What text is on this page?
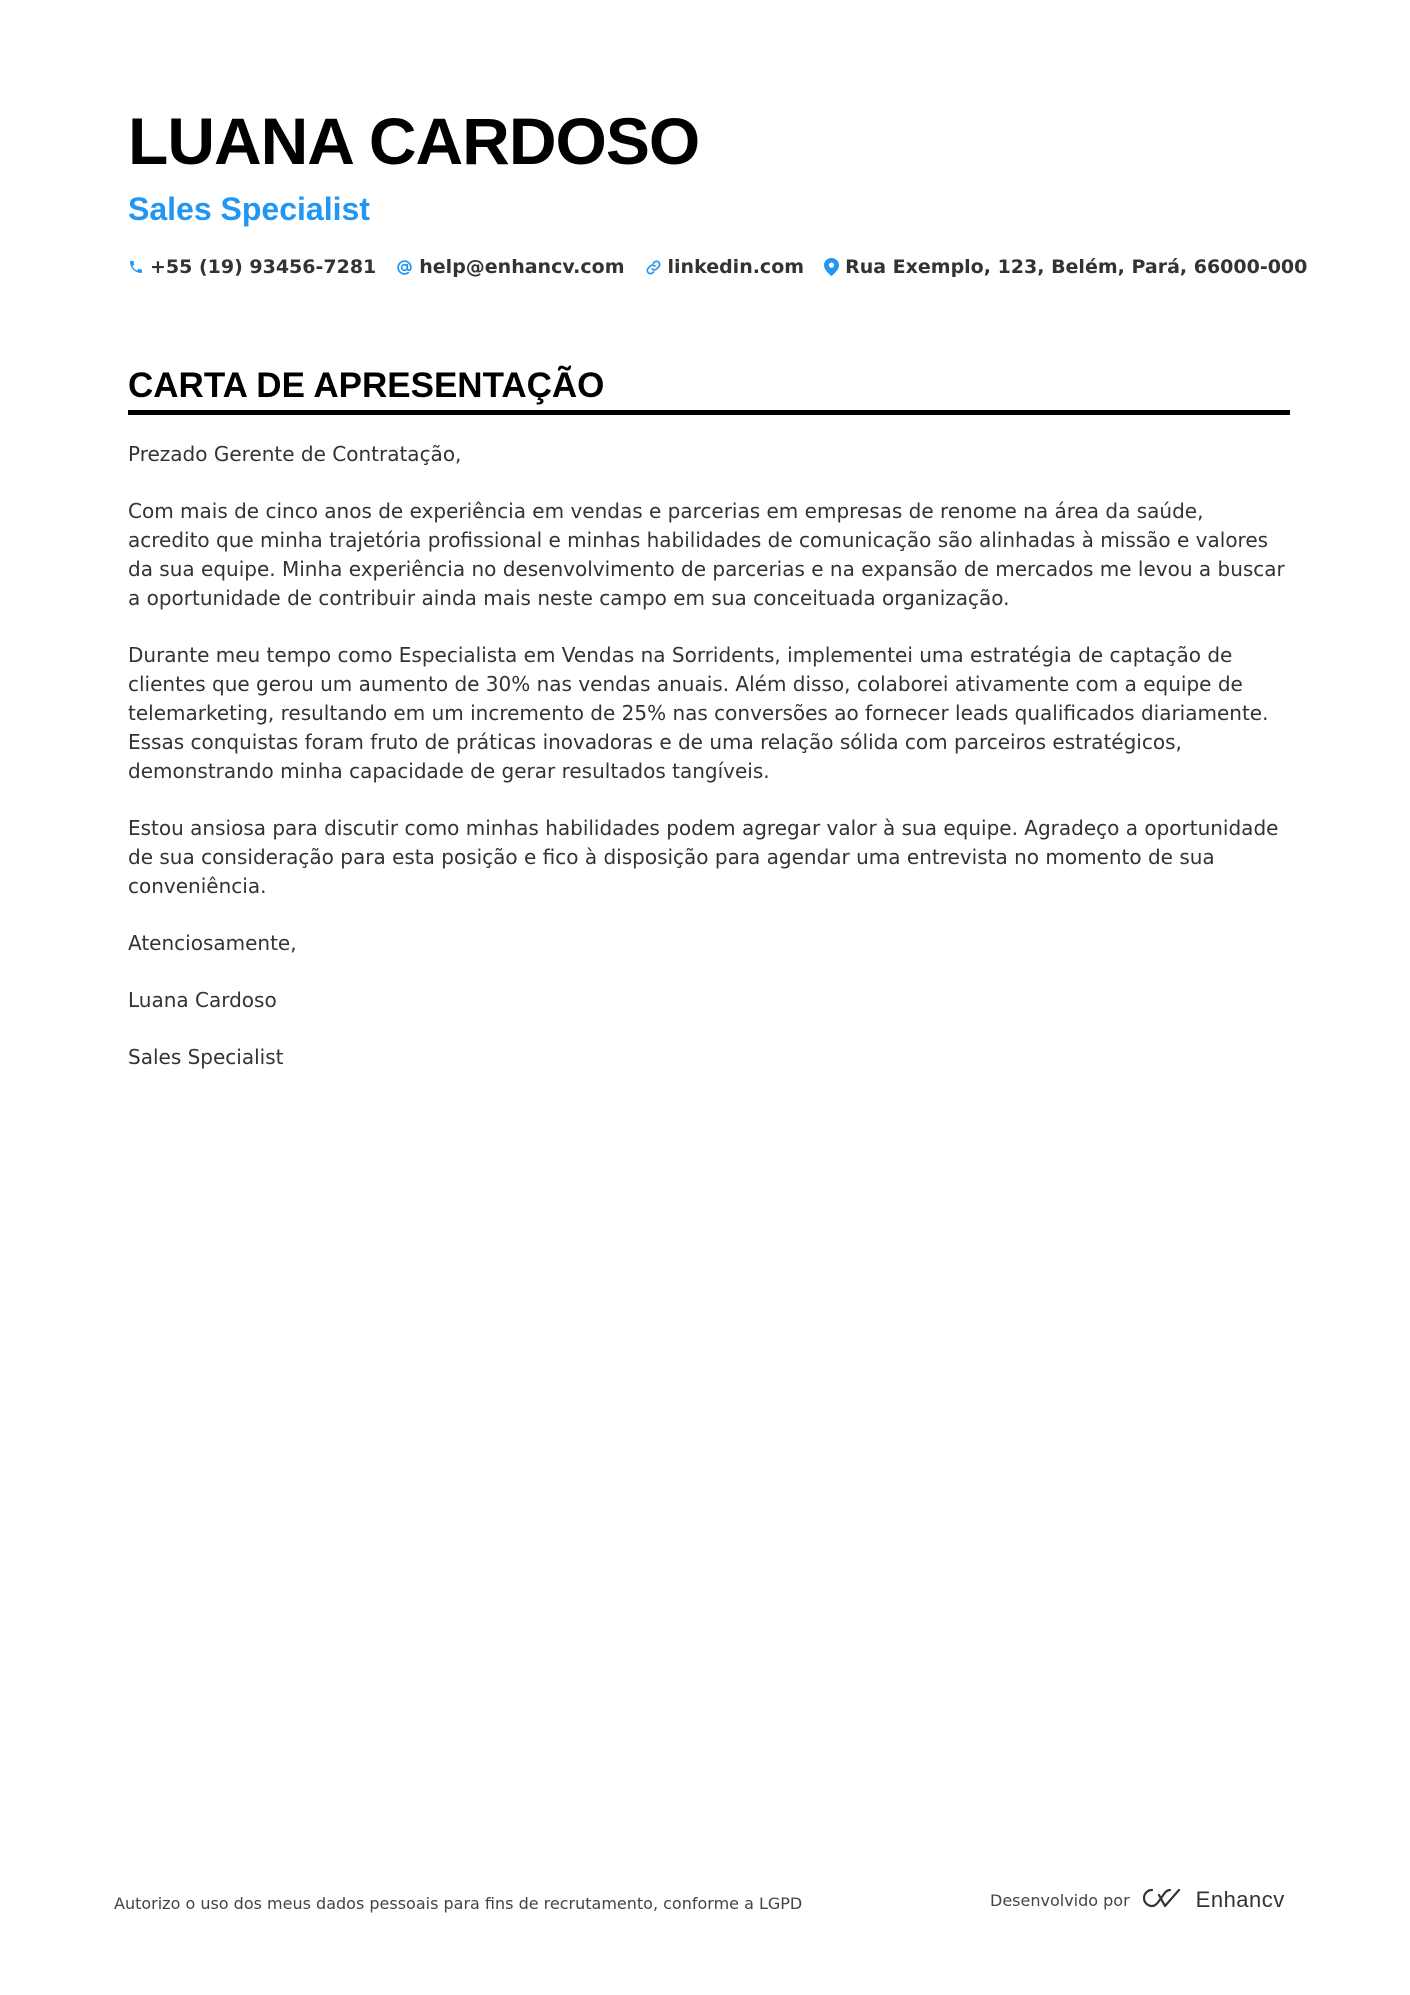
LUANA CARDOSO
Sales Specialist
+55 (19) 93456-7281 help@enhancv.com linkedin.com Rua Exemplo, 123, Belém, Pará, 66000-000
CARTA DE APRESENTAÇÃO

Prezado Gerente de Contratação,

Com mais de cinco anos de experiência em vendas e parcerias em empresas de renome na área da saúde, acredito que minha trajetória profissional e minhas habilidades de comunicação são alinhadas à missão e valores da sua equipe. Minha experiência no desenvolvimento de parcerias e na expansão de mercados me levou a buscar a oportunidade de contribuir ainda mais neste campo em sua conceituada organização.

Durante meu tempo como Especialista em Vendas na Sorridents, implementei uma estratégia de captação de clientes que gerou um aumento de 30% nas vendas anuais. Além disso, colaborei ativamente com a equipe de telemarketing, resultando em um incremento de 25% nas conversões ao fornecer leads qualificados diariamente. Essas conquistas foram fruto de práticas inovadoras e de uma relação sólida com parceiros estratégicos, demonstrando minha capacidade de gerar resultados tangíveis.

Estou ansiosa para discutir como minhas habilidades podem agregar valor à sua equipe. Agradeço a oportunidade de sua consideração para esta posição e fico à disposição para agendar uma entrevista no momento de sua conveniência.

Atenciosamente,

Luana Cardoso

Sales Specialist

Autorizo o uso dos meus dados pessoais para fins de recrutamento, conforme a LGPD	Desenvolvido por	Enhancv
